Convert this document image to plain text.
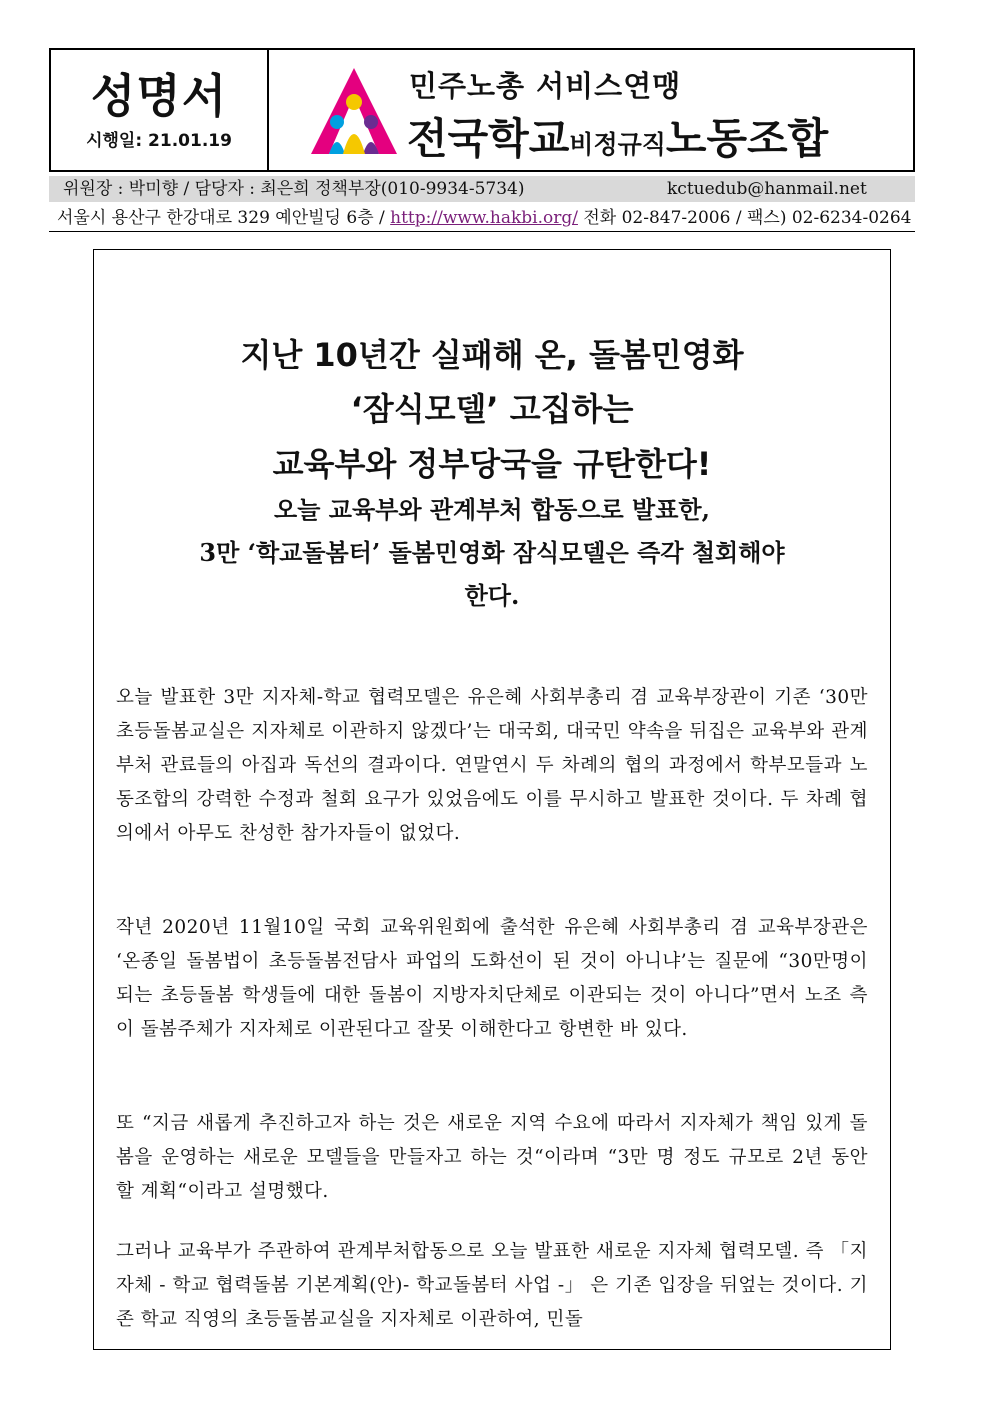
성명서
시행일: 21.01.19
민주노총 서비스연맹
전국학교비정규직노동조합
위원장 : 박미향 / 담당자 : 최은희 정책부장(010-9934-5734)	kctuedub@hanmail.net
서울시 용산구 한강대로 329 예안빌딩 6층 / http://www.hakbi.org/ 전화 02-847-2006 / 팩스) 02-6234-0264
지난 10년간 실패해 온, 돌봄민영화
‘잠식모델’ 고집하는
교육부와 정부당국을 규탄한다!
오늘 교육부와 관계부처 합동으로 발표한,
3만 ‘학교돌봄터’ 돌봄민영화 잠식모델은 즉각 철회해야
한다.
오늘 발표한 3만 지자체-학교 협력모델은 유은혜 사회부총리 겸 교육부장관이 기존 ‘30만 초등돌봄교실은 지자체로 이관하지 않겠다’는 대국회, 대국민 약속을 뒤집은 교육부와 관계부처 관료들의 아집과 독선의 결과이다. 연말연시 두 차례의 협의 과정에서 학부모들과 노동조합의 강력한 수정과 철회 요구가 있었음에도 이를 무시하고 발표한 것이다. 두 차례 협의에서 아무도 찬성한 참가자들이 없었다.
작년 2020년 11월10일 국회 교육위원회에 출석한 유은혜 사회부총리 겸 교육부장관은 ‘온종일 돌봄법이 초등돌봄전담사 파업의 도화선이 된 것이 아니냐’는 질문에 “30만명이 되는 초등돌봄 학생들에 대한 돌봄이 지방자치단체로 이관되는 것이 아니다”면서 노조 측이 돌봄주체가 지자체로 이관된다고 잘못 이해한다고 항변한 바 있다.
또 “지금 새롭게 추진하고자 하는 것은 새로운 지역 수요에 따라서 지자체가 책임 있게 돌봄을 운영하는 새로운 모델들을 만들자고 하는 것“이라며 “3만 명 정도 규모로 2년 동안 할 계획“이라고 설명했다.
그러나 교육부가 주관하여 관계부처합동으로 오늘 발표한 새로운 지자체 협력모델. 즉 「지자체 - 학교 협력돌봄 기본계획(안)- 학교돌봄터 사업 -」 은 기존 입장을 뒤엎는 것이다. 기존 학교 직영의 초등돌봄교실을 지자체로 이관하여, 민돌
